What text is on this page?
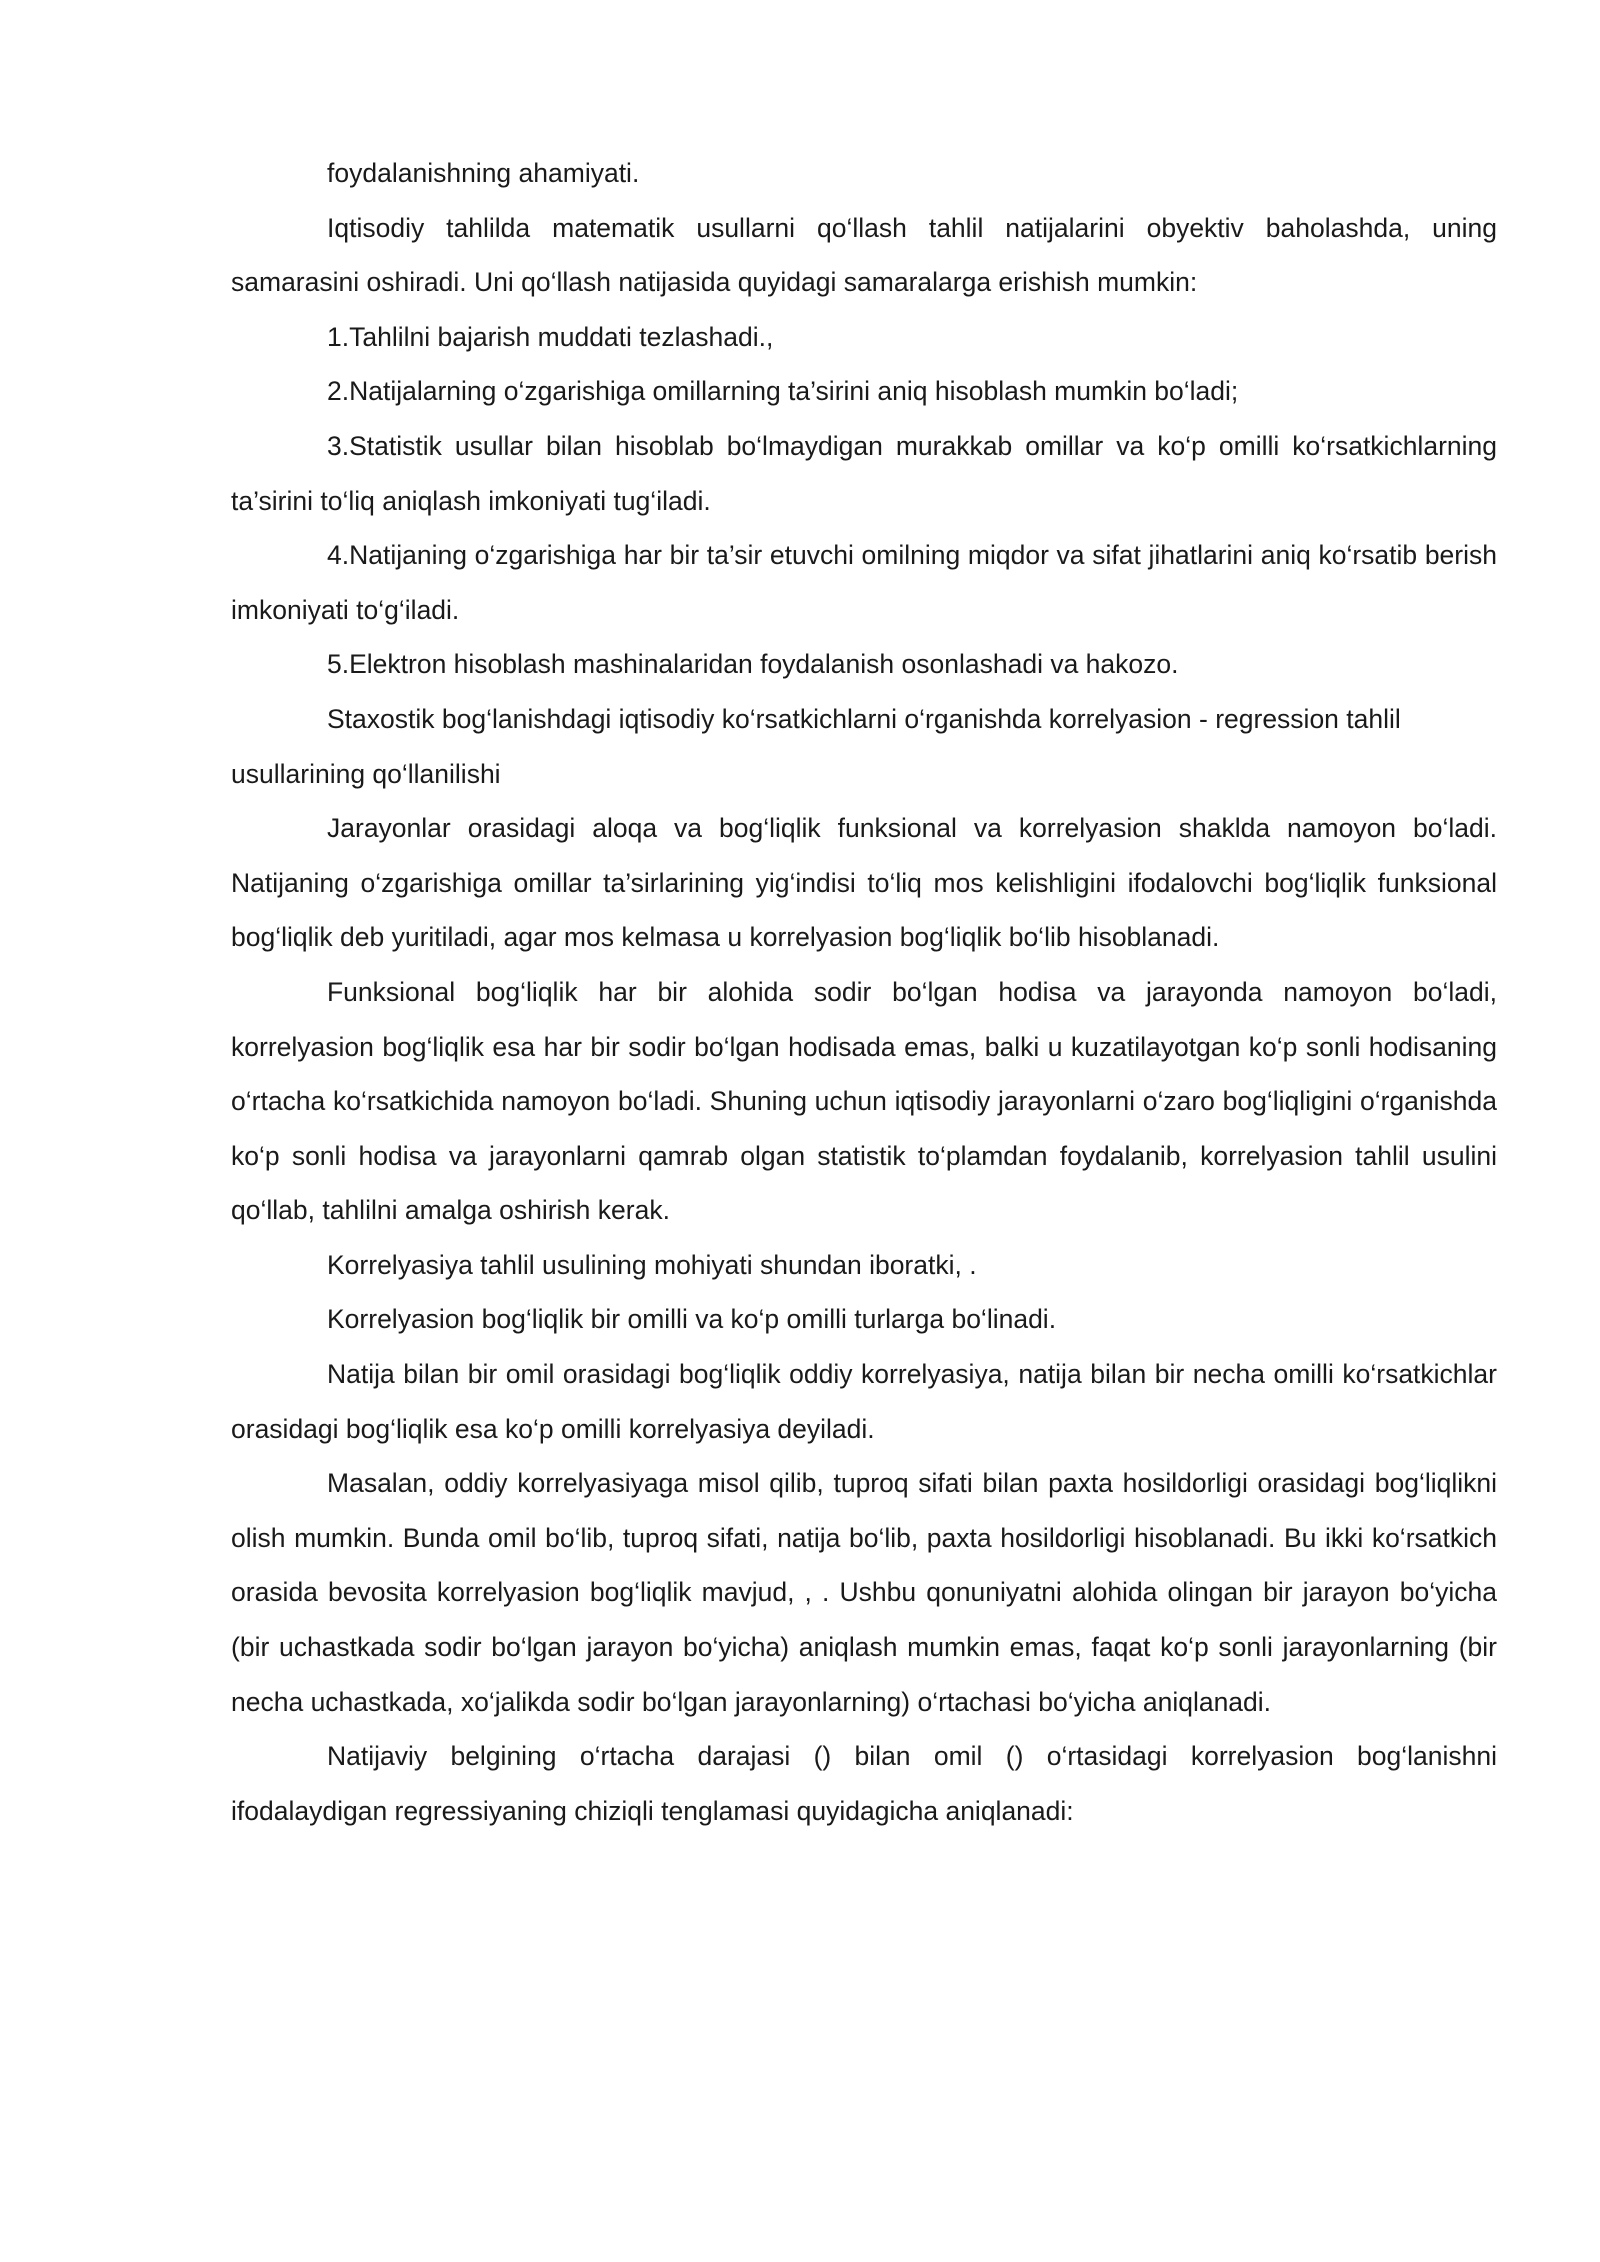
foydalanishning ahamiyati.

Iqtisodiy tahlilda matematik usullarni qo‘llash tahlil natijalarini obyektiv baholashda, uning samarasini oshiradi. Uni qo‘llash natijasida quyidagi samaralarga erishish mumkin:

1.Tahlilni bajarish muddati tezlashadi.,

2.Natijalarning o‘zgarishiga omillarning ta’sirini aniq hisoblash mumkin bo‘ladi;

3.Statistik usullar bilan hisoblab bo‘lmaydigan murakkab omillar va ko‘p omilli ko‘rsatkichlarning ta’sirini to‘liq aniqlash imkoniyati tug‘iladi.

4.Natijaning o‘zgarishiga har bir ta’sir etuvchi omilning miqdor va sifat jihatlarini aniq ko‘rsatib berish imkoniyati to‘g‘iladi.

5.Elektron hisoblash mashinalaridan foydalanish osonlashadi va hakozo.

Staxostik bog‘lanishdagi iqtisodiy ko‘rsatkichlarni o‘rganishda korrelyasion - regression tahlil usullarining qo‘llanilishi

Jarayonlar orasidagi aloqa va bog‘liqlik funksional va korrelyasion shaklda namoyon bo‘ladi. Natijaning o‘zgarishiga omillar ta’sirlarining yig‘indisi to‘liq mos kelishligini ifodalovchi bog‘liqlik funksional bog‘liqlik deb yuritiladi, agar mos kelmasa u korrelyasion bog‘liqlik bo‘lib hisoblanadi.

Funksional bog‘liqlik har bir alohida sodir bo‘lgan hodisa va jarayonda namoyon bo‘ladi, korrelyasion bog‘liqlik esa har bir sodir bo‘lgan hodisada emas, balki u kuzatilayotgan ko‘p sonli hodisaning o‘rtacha ko‘rsatkichida namoyon bo‘ladi. Shuning uchun iqtisodiy jarayonlarni o‘zaro bog‘liqligini o‘rganishda ko‘p sonli hodisa va jarayonlarni qamrab olgan statistik to‘plamdan foydalanib, korrelyasion tahlil usulini qo‘llab, tahlilni amalga oshirish kerak.

Korrelyasiya tahlil usulining mohiyati shundan iboratki, .

Korrelyasion bog‘liqlik bir omilli va ko‘p omilli turlarga bo‘linadi.

Natija bilan bir omil orasidagi bog‘liqlik oddiy korrelyasiya, natija bilan bir necha omilli ko‘rsatkichlar orasidagi bog‘liqlik esa ko‘p omilli korrelyasiya deyiladi.

Masalan, oddiy korrelyasiyaga misol qilib, tuproq sifati bilan paxta hosildorligi orasidagi bog‘liqlikni olish mumkin. Bunda omil bo‘lib, tuproq sifati, natija bo‘lib, paxta hosildorligi hisoblanadi. Bu ikki ko‘rsatkich orasida bevosita korrelyasion bog‘liqlik mavjud, , . Ushbu qonuniyatni alohida olingan bir jarayon bo‘yicha (bir uchastkada sodir bo‘lgan jarayon bo‘yicha) aniqlash mumkin emas, faqat ko‘p sonli jarayonlarning (bir necha uchastkada, xo‘jalikda sodir bo‘lgan jarayonlarning) o‘rtachasi bo‘yicha aniqlanadi.

Natijaviy belgining o‘rtacha darajasi () bilan omil () o‘rtasidagi korrelyasion bog‘lanishni ifodalaydigan regressiyaning chiziqli tenglamasi quyidagicha aniqlanadi:
